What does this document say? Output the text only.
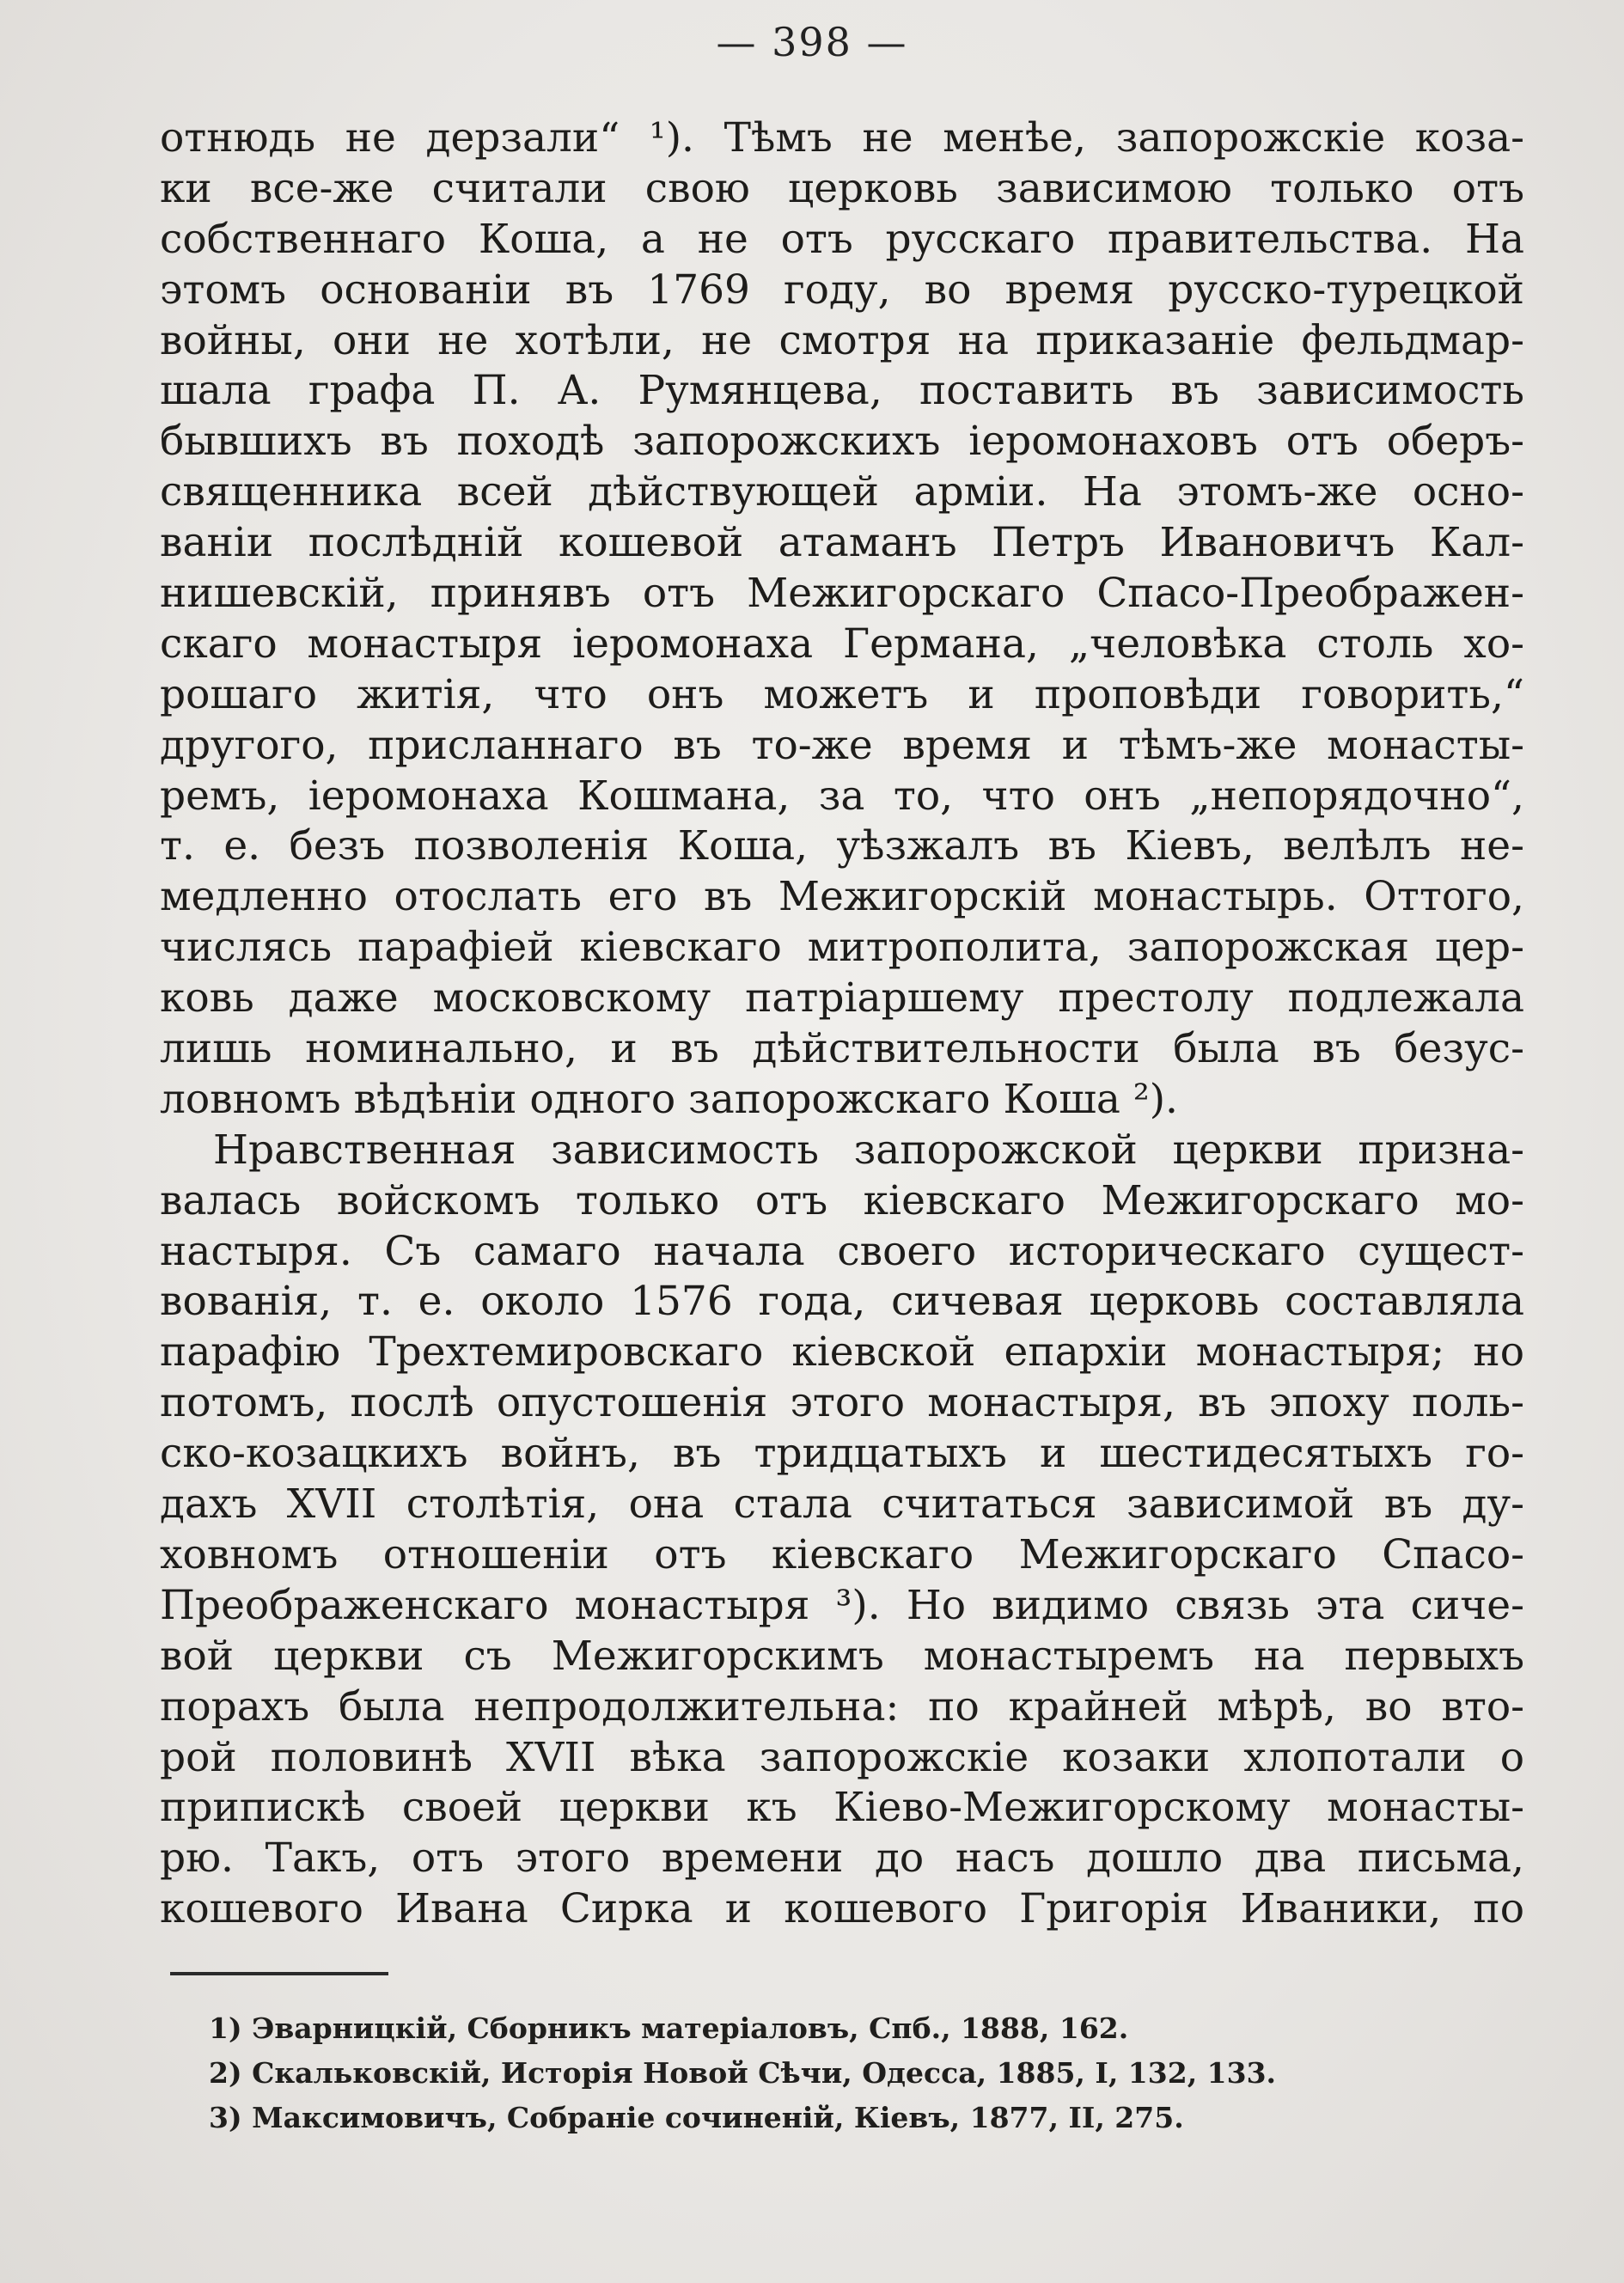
— 398 —
отнюдь не дерзали“ ¹). Тѣмъ не менѣе, запорожскіе коза-
ки все-же считали свою церковь зависимою только отъ
собственнаго Коша, а не отъ русскаго правительства. На
этомъ основаніи въ 1769 году, во время русско-турецкой
войны, они не хотѣли, не смотря на приказаніе фельдмар-
шала графа П. А. Румянцева, поставить въ зависимость
бывшихъ въ походѣ запорожскихъ іеромонаховъ отъ оберъ-
священника всей дѣйствующей арміи. На этомъ-же осно-
ваніи послѣдній кошевой атаманъ Петръ Ивановичъ Кал-
нишевскій, принявъ отъ Межигорскаго Спасо-Преображен-
скаго монастыря іеромонаха Германа, „человѣка столь хо-
рошаго житія, что онъ можетъ и проповѣди говорить,“
другого, присланнаго въ то-же время и тѣмъ-же монасты-
ремъ, іеромонаха Кошмана, за то, что онъ „непорядочно“,
т. е. безъ позволенія Коша, уѣзжалъ въ Кіевъ, велѣлъ не-
медленно отослать его въ Межигорскій монастырь. Оттого,
числясь парафіей кіевскаго митрополита, запорожская цер-
ковь даже московскому патріаршему престолу подлежала
лишь номинально, и въ дѣйствительности была въ безус-
ловномъ вѣдѣніи одного запорожскаго Коша ²).
Нравственная зависимость запорожской церкви призна-
валась войскомъ только отъ кіевскаго Межигорскаго мо-
настыря. Съ самаго начала своего историческаго сущест-
вованія, т. е. около 1576 года, сичевая церковь составляла
парафію Трехтемировскаго кіевской епархіи монастыря; но
потомъ, послѣ опустошенія этого монастыря, въ эпоху поль-
ско-козацкихъ войнъ, въ тридцатыхъ и шестидесятыхъ го-
дахъ XVII столѣтія, она стала считаться зависимой въ ду-
ховномъ отношеніи отъ кіевскаго Межигорскаго Спасо-
Преображенскаго монастыря ³). Но видимо связь эта сиче-
вой церкви съ Межигорскимъ монастыремъ на первыхъ
порахъ была непродолжительна: по крайней мѣрѣ, во вто-
рой половинѣ XVII вѣка запорожскіе козаки хлопотали о
припискѣ своей церкви къ Кіево-Межигорскому монасты-
рю. Такъ, отъ этого времени до насъ дошло два письма,
кошевого Ивана Сирка и кошевого Григорія Иваники, по
1) Эварницкій, Сборникъ матеріаловъ, Спб., 1888, 162.
2) Скальковскій, Исторія Новой Сѣчи, Одесса, 1885, I, 132, 133.
3) Максимовичъ, Собраніе сочиненій, Кіевъ, 1877, II, 275.
